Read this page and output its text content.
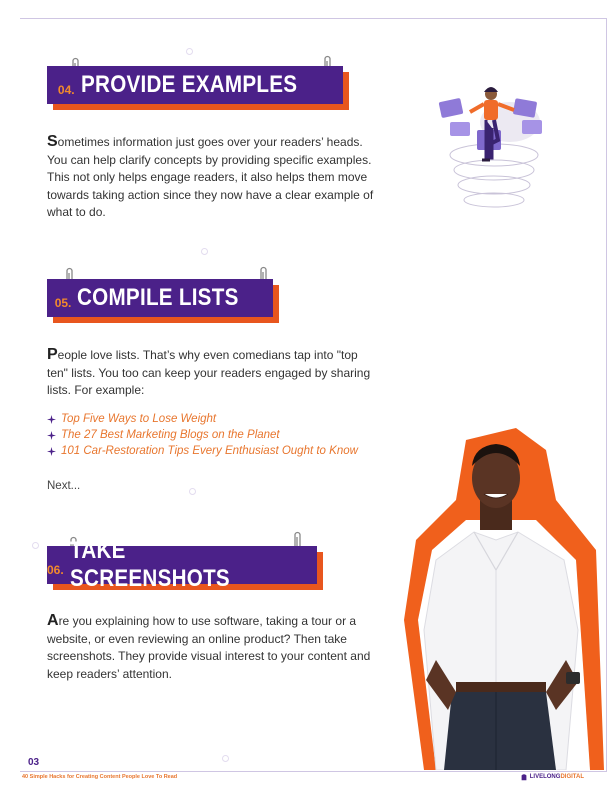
04. PROVIDE EXAMPLES
Sometimes information just goes over your readers’ heads.
You can help clarify concepts by providing specific examples.
This not only helps engage readers, it also helps them move
towards taking action since they now have a clear example of
what to do.
05. COMPILE LISTS
People love lists. That’s why even comedians tap into "top
ten" lists. You too can keep your readers engaged by sharing
lists. For example:
Top Five Ways to Lose Weight
The 27 Best Marketing Blogs on the Planet
101 Car-Restoration Tips Every Enthusiast Ought to Know
Next...
06.
TAKE SCREENSHOTS
Are you explaining how to use software, taking a tour or a
website, or even reviewing an online product? Then take
screenshots. They provide visual interest to your content and
keep readers’ attention.
03
40 Simple Hacks for Creating Content People Love To Read	LIVELONG DIGITAL
